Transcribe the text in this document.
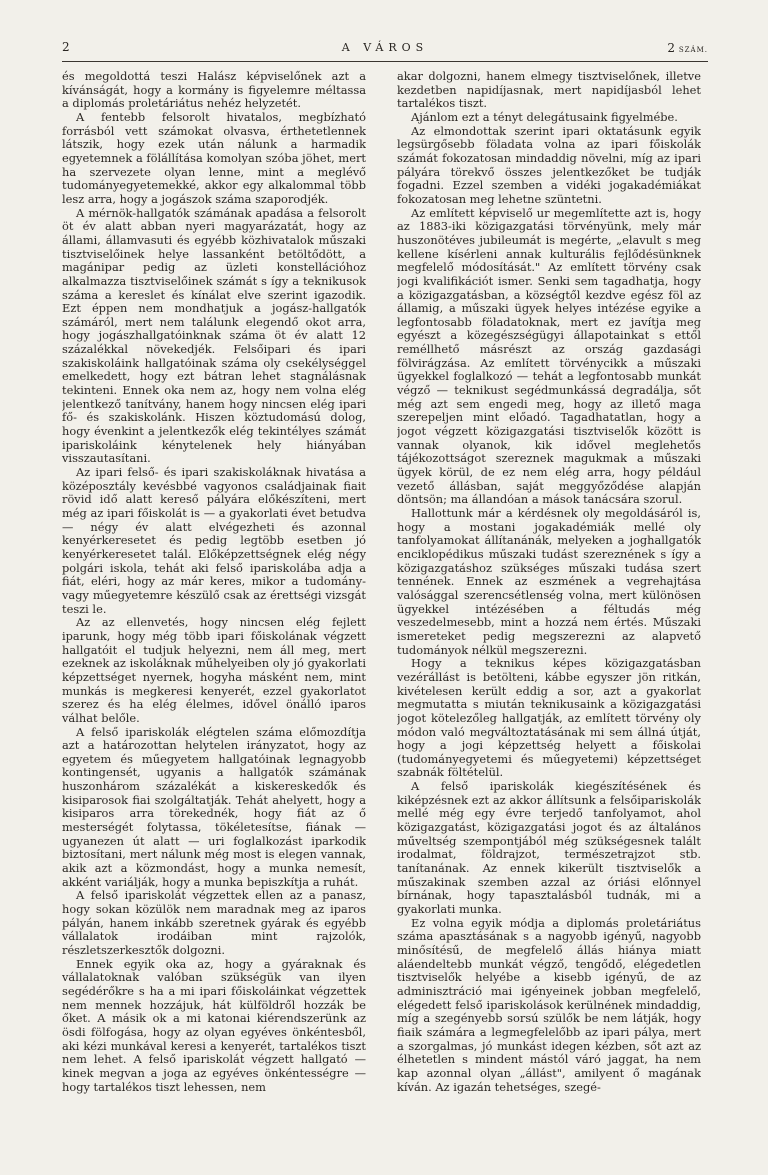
2	A VÁROS	2 SZÁM.

és megoldottá teszi Halász képviselőnek azt a kívánságát, hogy a kormány is figyelemre méltassa a diplomás proletáriátus nehéz helyzetét.

A fentebb felsorolt hivatalos, megbízható forrásból vett számokat olvasva, érthetetlennek látszik, hogy ezek után nálunk a harmadik egyetemnek a fölállítása komolyan szóba jöhet, mert ha szervezete olyan lenne, mint a meglévő tudományegyetemekké, akkor egy alkalommal több lesz arra, hogy a jogászok száma szaporodjék.

A mérnök-hallgatók számának apadása a felsorolt öt év alatt abban nyeri magyarázatát, hogy az állami, államvasuti és egyébb közhivatalok műszaki tisztviselőinek helye lassanként betöltődött, a magánipar pedig az üzleti konstellációhoz alkalmazza tisztviselőinek számát s így a teknikusok száma a kereslet és kínálat elve szerint igazodik. Ezt éppen nem mondhatjuk a jogász-hallgatók számáról, mert nem találunk elegendő okot arra, hogy jogászhallgatóinknak száma öt év alatt 12 százalékkal növekedjék. Felsőipari és ipari szakiskoláink hallgatóinak száma oly csekélységgel emelkedett, hogy ezt bátran lehet stagnálásnak tekinteni. Ennek oka nem az, hogy nem volna elég jelentkező tanítvány, hanem hogy nincsen elég ipari fő- és szakiskolánk. Hiszen köztudomású dolog, hogy évenkint a jelentkezők elég tekintélyes számát ipariskoláink kénytelenek hely hiányában visszautasítani.

Az ipari felső- és ipari szakiskoláknak hivatása a középosztály kevésbbé vagyonos családjainak fiait rövid idő alatt kereső pályára előkészíteni, mert még az ipari főiskolát is — a gyakorlati évet betudva — négy év alatt elvégezheti és azonnal kenyérkeresetet és pedig legtöbb esetben jó kenyérkeresetet talál. Előképzettségnek elég négy polgári iskola, tehát aki felső ipariskolába adja a fiát, eléri, hogy az már keres, mikor a tudomány- vagy műegyetemre készülő csak az érettségi vizsgát teszi le.

Az az ellenvetés, hogy nincsen elég fejlett iparunk, hogy még több ipari főiskolának végzett hallgatóit el tudjuk helyezni, nem áll meg, mert ezeknek az iskoláknak műhelyeiben oly jó gyakorlati képzettséget nyernek, hogyha másként nem, mint munkás is megkeresi kenyerét, ezzel gyakorlatot szerez és ha elég élelmes, idővel önálló iparos válhat belőle.

A felső ipariskolák elégtelen száma előmozdítja azt a határozottan helytelen irányzatot, hogy az egyetem és műegyetem hallgatóinak legnagyobb kontingensét, ugyanis a hallgatók számának huszonhárom százalékát a kiskereskedők és kisiparosok fiai szolgáltatják. Tehát ahelyett, hogy a kisiparos arra törekednék, hogy fiát az ő mesterségét folytassa, tökéletesítse, fiának — ugyanezen út alatt — uri foglalkozást iparkodik biztosítani, mert nálunk még most is elegen vannak, akik azt a közmondást, hogy a munka nemesít, akként variálják, hogy a munka bepiszkítja a ruhát.

A felső ipariskolát végzettek ellen az a panasz, hogy sokan közülök nem maradnak meg az iparos pályán, hanem inkább szeretnek gyárak és egyébb vállalatok irodáiban mint rajzolók, részletszerkesztők dolgozni.

Ennek egyik oka az, hogy a gyáraknak és vállalatoknak valóban szükségük van ilyen segédérőkre s ha a mi ipari főiskoláinkat végzettek nem mennek hozzájuk, hát külföldről hozzák be őket. A másik ok a mi katonai kiérendszerünk az ösdi fölfogása, hogy az olyan egyéves önkéntesből, aki kézi munkával keresi a kenyerét, tartalékos tiszt nem lehet. A felső ipariskolát végzett hallgató — kinek megvan a joga az egyéves önkéntességre — hogy tartalékos tiszt lehessen, nem

akar dolgozni, hanem elmegy tisztviselőnek, illetve kezdetben napidíjasnak, mert napidíjasból lehet tartalékos tiszt.

Ajánlom ezt a tényt delegátusaink figyelmébe.

Az elmondottak szerint ipari oktatásunk egyik legsürgősebb föladata volna az ipari főiskolák számát fokozatosan mindaddig növelni, míg az ipari pályára törekvő összes jelentkezőket be tudják fogadni. Ezzel szemben a vidéki jogakadémiákat fokozatosan meg lehetne szüntetni.

Az említett képviselő ur megemlítette azt is, hogy az 1883-iki közigazgatási törvényünk, mely már huszonötéves jubileumát is megérte, „elavult s meg kellene kísérleni annak kulturális fejlődésünknek megfelelő módosítását." Az említett törvény csak jogi kvalifikációt ismer. Senki sem tagadhatja, hogy a közigazgatásban, a községtől kezdve egész föl az államig, a műszaki ügyek helyes intézése egyike a legfontosabb föladatoknak, mert ez javítja meg egyészt a közegészségügyi állapotainkat s ettől reméllhető másrészt az ország gazdasági fölvirágzása. Az említett törvénycikk a műszaki ügyekkel foglalkozó — tehát a legfontosabb munkát végző — teknikust segédmunkássá degradálja, sőt még azt sem engedi meg, hogy az illető maga szerepeljen mint előadó. Tagadhatatlan, hogy a jogot végzett közigazgatási tisztviselők között is vannak olyanok, kik idővel meglehetős tájékozottságot szereznek magukmak a műszaki ügyek körül, de ez nem elég arra, hogy például vezető állásban, saját meggyőződése alapján döntsön; ma állandóan a mások tanácsára szorul.

Hallottunk már a kérdésnek oly megoldásáról is, hogy a mostani jogakadémiák mellé oly tanfolyamokat állítanánák, melyeken a joghallgatók enciklopédikus műszaki tudást szereznének s így a közigazgatáshoz szükséges műszaki tudása szert tennének. Ennek az eszmének a vegrehajtása valósággal szerencsétlenség volna, mert különösen ügyekkel intézésében a féltudás még veszedelmesebb, mint a hozzá nem értés. Műszaki ismereteket pedig megszerezni az alapvető tudományok nélkül megszerezni.

Hogy a teknikus képes közigazgatásban vezérállást is betölteni, kábbe egyszer jön ritkán, kivételesen került eddig a sor, azt a gyakorlat megmutatta s miután teknikusaink a közigazgatási jogot kötelezőleg hallgatják, az említett törvény oly módon való megváltoztatásának mi sem állná útját, hogy a jogi képzettség helyett a főiskolai (tudományegyetemi és műegyetemi) képzettséget szabnák föltételül.

A felső ipariskolák kiegészítésének és kiképzésnek ezt az akkor állítsunk a felsőipariskolák mellé még egy évre terjedő tanfolyamot, ahol közigazgatást, közigazgatási jogot és az általános műveltség szempontjából még szükségesnek talált irodalmat, földrajzot, természetrajzot stb. tanítanának. Az ennek kikerült tisztviselők a műszakinak szemben azzal az óriási előnnyel bírnának, hogy tapasztalásból tudnák, mi a gyakorlati munka.

Ez volna egyik módja a diplomás proletáriátus száma apasztásának s a nagyobb igényű, nagyobb minősítésű, de megfelelő állás hiánya miatt aláendeltebb munkát végző, tengődő, elégedetlen tisztviselők helyébe a kisebb igényű, de az adminisztráció mai igényeinek jobban megfelelő, elégedett felső ipariskolások kerülnének mindaddig, míg a szegényebb sorsú szülők be nem látják, hogy fiaik számára a legmegfelelőbb az ipari pálya, mert a szorgalmas, jó munkást idegen kézben, sőt azt az élhetetlen s mindent mástól váró jaggat, ha nem kap azonnal olyan „állást", amilyent ő magának kíván. Az igazán tehetséges, szegé-
